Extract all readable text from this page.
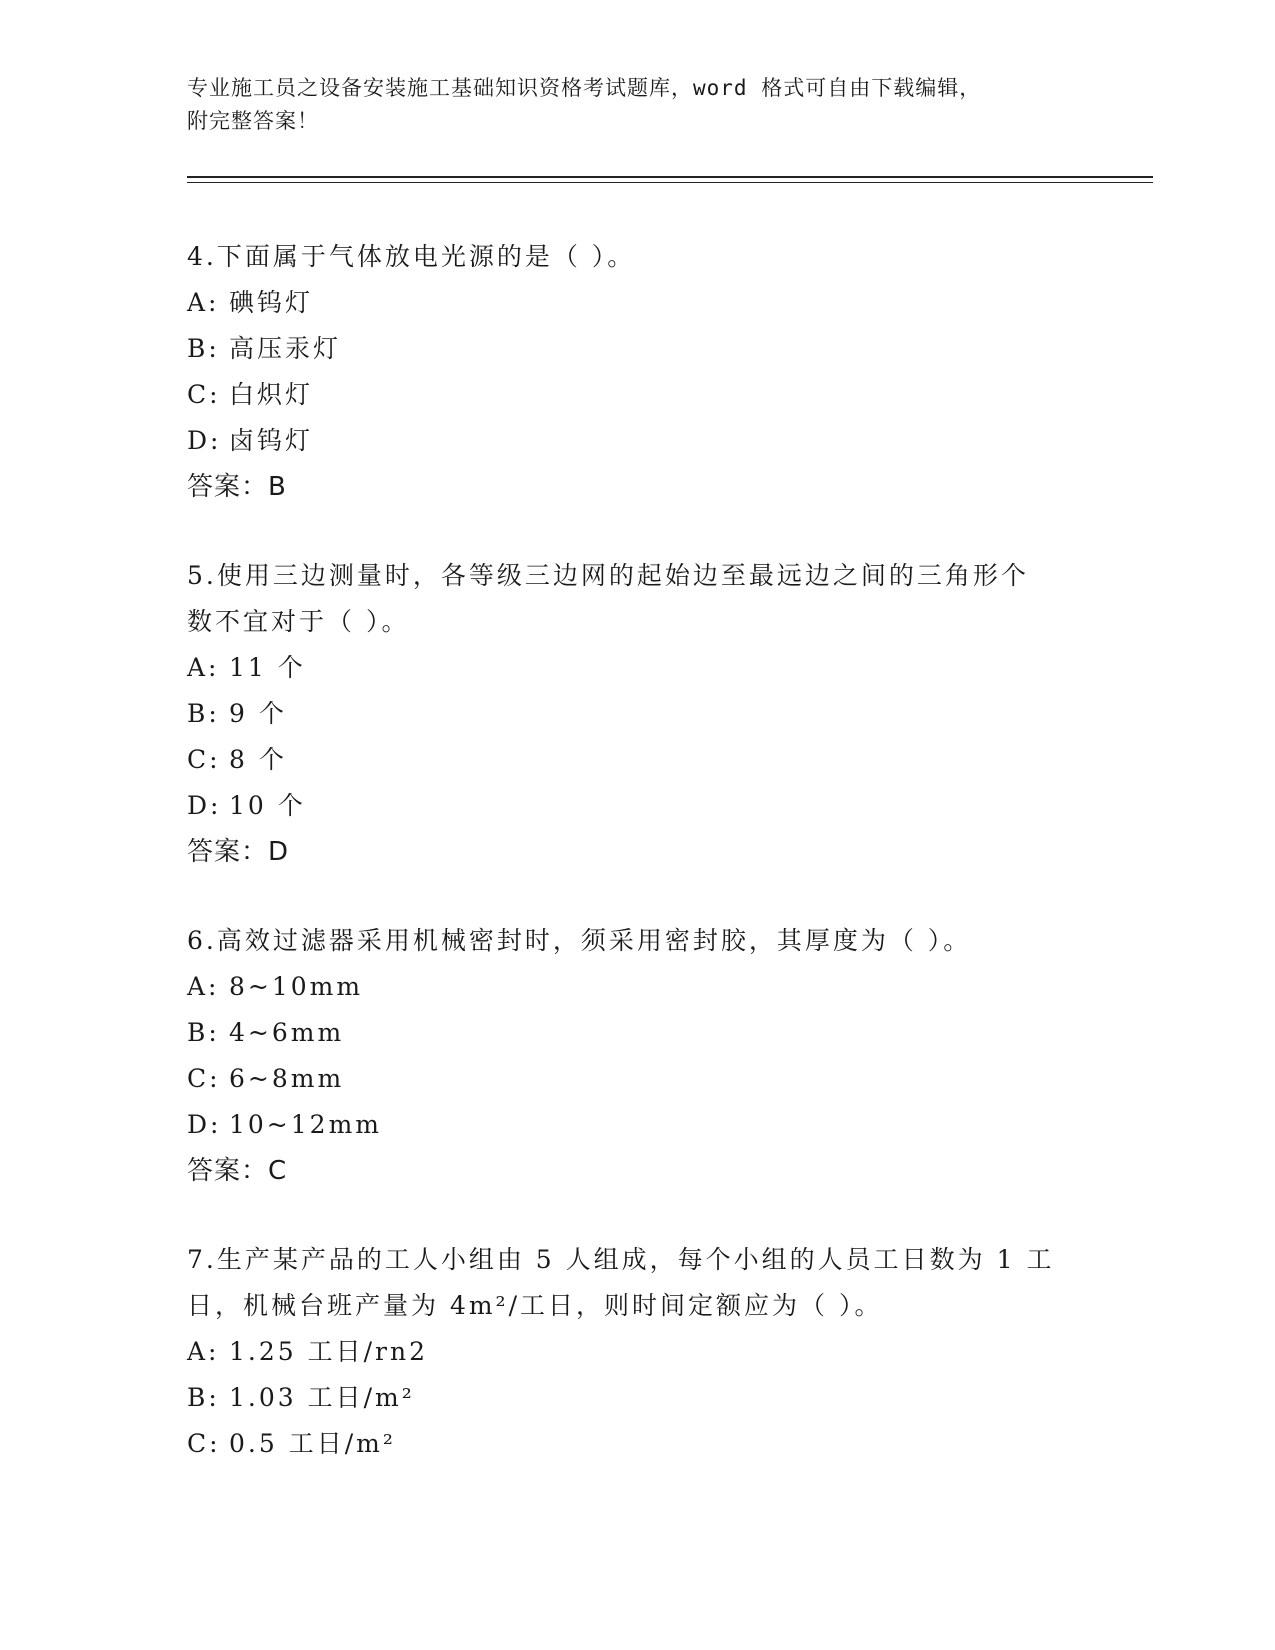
专业施工员之设备安装施工基础知识资格考试题库，word 格式可自由下载编辑，
附完整答案！
4.下面属于气体放电光源的是（ ）。
A: 碘钨灯
B: 高压汞灯
C: 白炽灯
D: 卤钨灯
答案：B
5.使用三边测量时，各等级三边网的起始边至最远边之间的三角形个
数不宜对于（ ）。
A: 11 个
B: 9 个
C: 8 个
D: 10 个
答案：D
6.高效过滤器采用机械密封时，须采用密封胶，其厚度为（ ）。
A: 8~10mm
B: 4~6mm
C: 6~8mm
D: 10~12mm
答案：C
7.生产某产品的工人小组由 5 人组成，每个小组的人员工日数为 1 工
日，机械台班产量为 4m²/工日，则时间定额应为（ ）。
A: 1.25 工日/rn2
B: 1.03 工日/m²
C: 0.5 工日/m²
